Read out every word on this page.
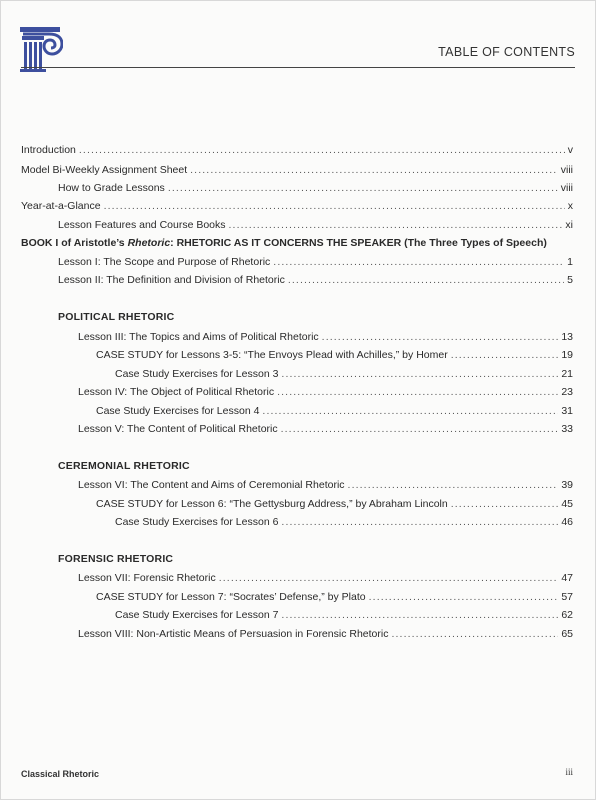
TABLE OF CONTENTS
Introduction . . .	v
Model Bi-Weekly Assignment Sheet . . .	viii
How to Grade Lessons . . .	viii
Year-at-a-Glance . . .	x
Lesson Features and Course Books . . .	xi
BOOK I of Aristotle’s Rhetoric: RHETORIC AS IT CONCERNS THE SPEAKER (The Three Types of Speech)
Lesson I: The Scope and Purpose of Rhetoric . . .	1
Lesson II: The Definition and Division of Rhetoric . . .	5
POLITICAL RHETORIC
Lesson III: The Topics and Aims of Political Rhetoric . . .	13
CASE STUDY for Lessons 3-5: “The Envoys Plead with Achilles,” by Homer . . .	19
Case Study Exercises for Lesson 3 . . .	21
Lesson IV: The Object of Political Rhetoric . . .	23
Case Study Exercises for Lesson 4 . . .	31
Lesson V: The Content of Political Rhetoric . . .	33
CEREMONIAL RHETORIC
Lesson VI: The Content and Aims of Ceremonial Rhetoric . . .	39
CASE STUDY for Lesson 6: “The Gettysburg Address,” by Abraham Lincoln . . .	45
Case Study Exercises for Lesson 6 . . .	46
FORENSIC RHETORIC
Lesson VII: Forensic Rhetoric . . .	47
CASE STUDY for Lesson 7: “Socrates’ Defense,” by Plato . . .	57
Case Study Exercises for Lesson 7 . . .	62
Lesson VIII: Non-Artistic Means of Persuasion in Forensic Rhetoric . . .	65
Classical Rhetoric	iii
